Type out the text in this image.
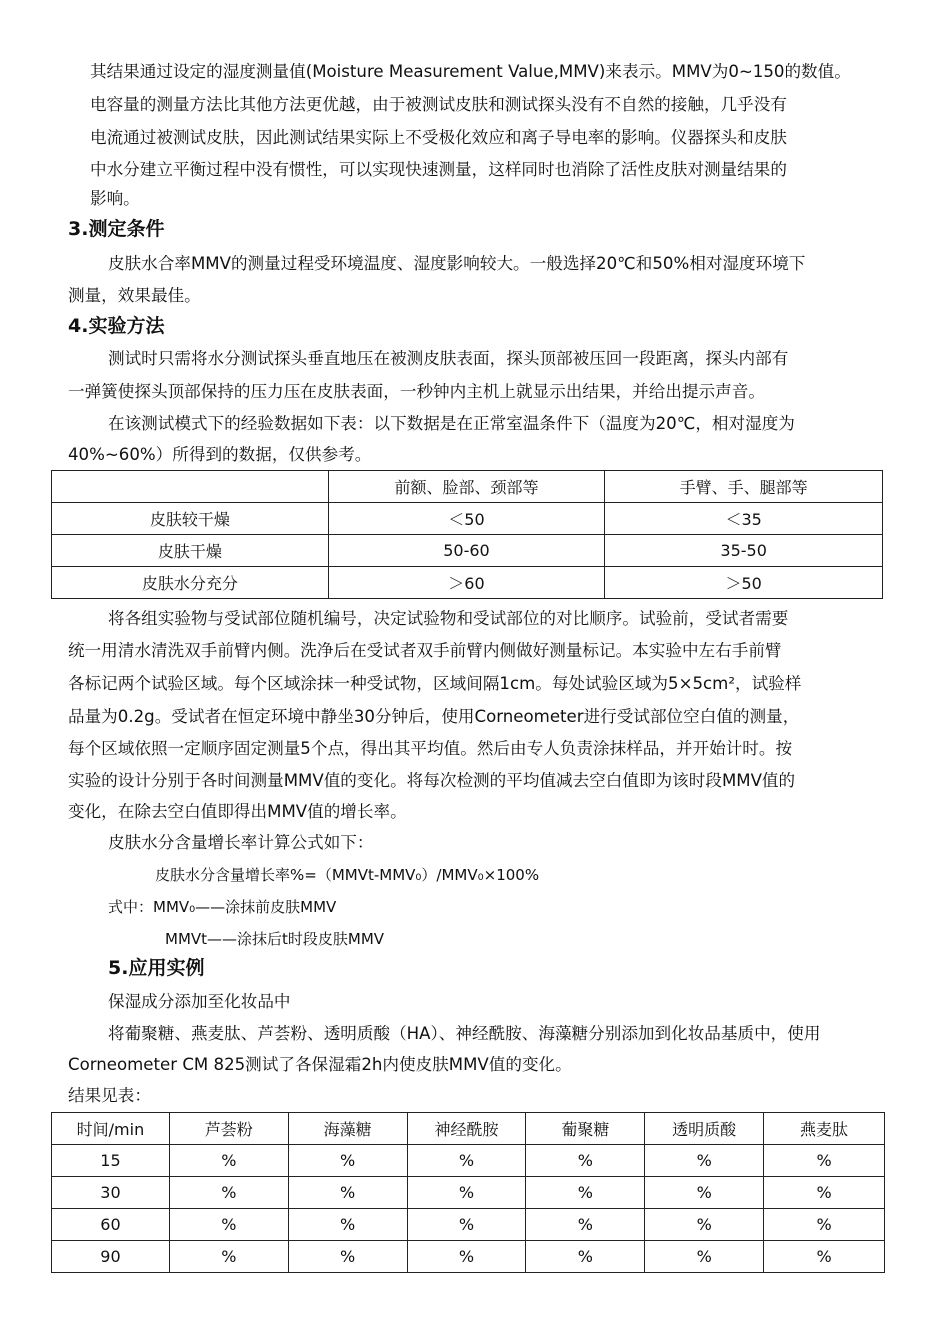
其结果通过设定的湿度测量值(Moisture Measurement Value,MMV)来表示。MMV为0~150的数值。
电容量的测量方法比其他方法更优越，由于被测试皮肤和测试探头没有不自然的接触，几乎没有
电流通过被测试皮肤，因此测试结果实际上不受极化效应和离子导电率的影响。仪器探头和皮肤
中水分建立平衡过程中没有惯性，可以实现快速测量，这样同时也消除了活性皮肤对测量结果的
影响。
3.测定条件
皮肤水合率MMV的测量过程受环境温度、湿度影响较大。一般选择20℃和50%相对湿度环境下
测量，效果最佳。
4.实验方法
测试时只需将水分测试探头垂直地压在被测皮肤表面，探头顶部被压回一段距离，探头内部有
一弹簧使探头顶部保持的压力压在皮肤表面，一秒钟内主机上就显示出结果，并给出提示声音。
在该测试模式下的经验数据如下表：以下数据是在正常室温条件下（温度为20℃，相对湿度为
40%~60%）所得到的数据，仅供参考。
	前额、脸部、颈部等	手臂、手、腿部等
皮肤较干燥	＜50	＜35
皮肤干燥	50-60	35-50
皮肤水分充分	＞60	＞50
将各组实验物与受试部位随机编号，决定试验物和受试部位的对比顺序。试验前，受试者需要
统一用清水清洗双手前臂内侧。洗净后在受试者双手前臂内侧做好测量标记。本实验中左右手前臂
各标记两个试验区域。每个区域涂抹一种受试物，区域间隔1cm。每处试验区域为5×5cm²，试验样
品量为0.2g。受试者在恒定环境中静坐30分钟后，使用Corneometer进行受试部位空白值的测量，
每个区域依照一定顺序固定测量5个点，得出其平均值。然后由专人负责涂抹样品，并开始计时。按
实验的设计分别于各时间测量MMV值的变化。将每次检测的平均值减去空白值即为该时段MMV值的
变化，在除去空白值即得出MMV值的增长率。
皮肤水分含量增长率计算公式如下：
皮肤水分含量增长率%=（MMVt-MMV₀）/MMV₀×100%
式中：MMV₀——涂抹前皮肤MMV
MMVt——涂抹后t时段皮肤MMV
5.应用实例
保湿成分添加至化妆品中
将葡聚糖、燕麦肽、芦荟粉、透明质酸（HA）、神经酰胺、海藻糖分别添加到化妆品基质中，使用
Corneometer CM 825测试了各保湿霜2h内使皮肤MMV值的变化。
结果见表：
时间/min	芦荟粉	海藻糖	神经酰胺	葡聚糖	透明质酸	燕麦肽
15	%	%	%	%	%	%
30	%	%	%	%	%	%
60	%	%	%	%	%	%
90	%	%	%	%	%	%
